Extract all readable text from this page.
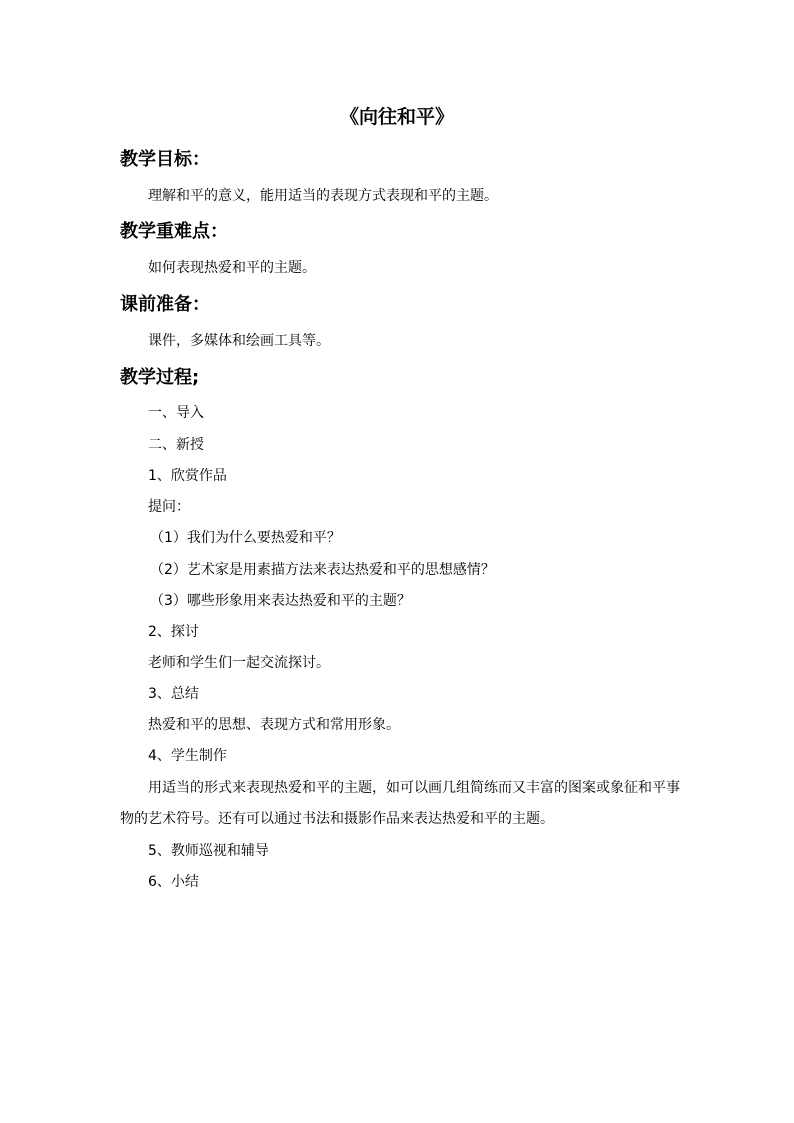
《向往和平》
教学目标：

理解和平的意义，能用适当的表现方式表现和平的主题。

教学重难点：

如何表现热爱和平的主题。

课前准备：

课件，多媒体和绘画工具等。

教学过程;

一、导入

二、新授

1、欣赏作品

提问：

（1）我们为什么要热爱和平？

（2）艺术家是用素描方法来表达热爱和平的思想感情？

（3）哪些形象用来表达热爱和平的主题？

2、探讨

老师和学生们一起交流探讨。

3、总结

热爱和平的思想、表现方式和常用形象。

4、学生制作

用适当的形式来表现热爱和平的主题，如可以画几组简练而又丰富的图案或象征和平事

物的艺术符号。还有可以通过书法和摄影作品来表达热爱和平的主题。

5、教师巡视和辅导

6、小结
